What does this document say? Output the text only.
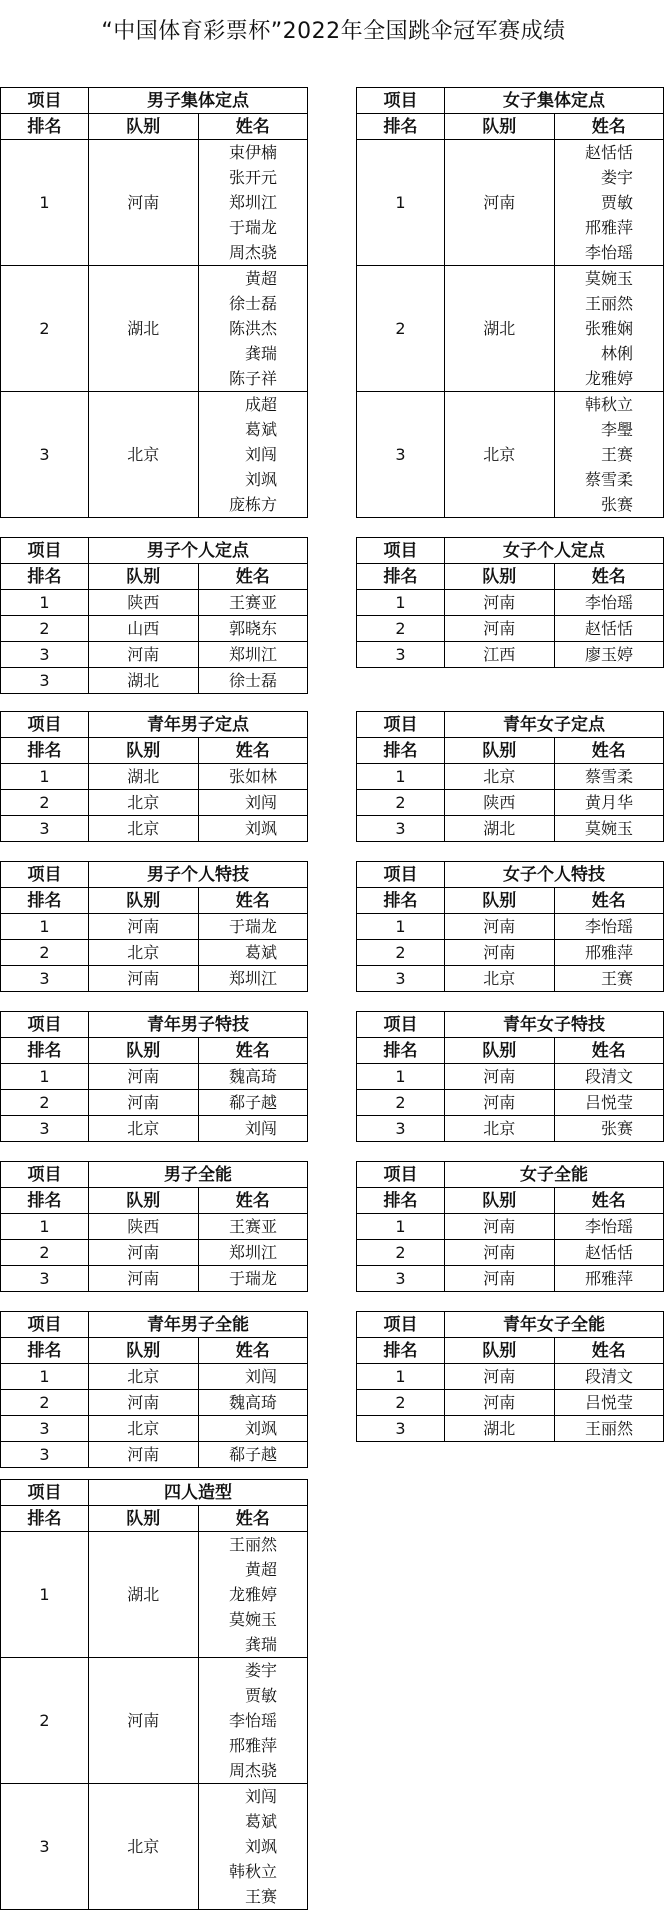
“中国体育彩票杯”2022年全国跳伞冠军赛成绩
项目	男子集体定点	
排名	队别	姓名
1	河南	束伊楠
张开元
郑圳江
于瑞龙
周杰骁

2	湖北	黄超
徐士磊
陈洪杰
龚瑞
陈子祥

3	北京	成超
葛斌
刘闯
刘飒
庞栋方
项目	女子集体定点	
排名	队别	姓名
1	河南	赵恬恬
娄宇
贾敏
邢雅萍
李怡瑶

2	湖北	莫婉玉
王丽然
张雅娴
林俐
龙雅婷

3	北京	韩秋立
李璺
王赛
蔡雪柔
张赛
项目	男子个人定点	
排名	队别	姓名
1	陕西	王赛亚

2	山西	郭晓东

3	河南	郑圳江

3	湖北	徐士磊
项目	女子个人定点	
排名	队别	姓名
1	河南	李怡瑶

2	河南	赵恬恬

3	江西	廖玉婷
项目	青年男子定点	
排名	队别	姓名
1	湖北	张如林

2	北京	刘闯

3	北京	刘飒
项目	青年女子定点	
排名	队别	姓名
1	北京	蔡雪柔

2	陕西	黄月华

3	湖北	莫婉玉
项目	男子个人特技	
排名	队别	姓名
1	河南	于瑞龙

2	北京	葛斌

3	河南	郑圳江
项目	女子个人特技	
排名	队别	姓名
1	河南	李怡瑶

2	河南	邢雅萍

3	北京	王赛
项目	青年男子特技	
排名	队别	姓名
1	河南	魏高琦

2	河南	郗子越

3	北京	刘闯
项目	青年女子特技	
排名	队别	姓名
1	河南	段清文

2	河南	吕悦莹

3	北京	张赛
项目	男子全能	
排名	队别	姓名
1	陕西	王赛亚

2	河南	郑圳江

3	河南	于瑞龙
项目	女子全能	
排名	队别	姓名
1	河南	李怡瑶

2	河南	赵恬恬

3	河南	邢雅萍
项目	青年男子全能	
排名	队别	姓名
1	北京	刘闯

2	河南	魏高琦

3	北京	刘飒

3	河南	郗子越
项目	青年女子全能	
排名	队别	姓名
1	河南	段清文

2	河南	吕悦莹

3	湖北	王丽然
项目	四人造型	
排名	队别	姓名
1	湖北	王丽然
黄超
龙雅婷
莫婉玉
龚瑞

2	河南	娄宇
贾敏
李怡瑶
邢雅萍
周杰骁

3	北京	刘闯
葛斌
刘飒
韩秋立
王赛
